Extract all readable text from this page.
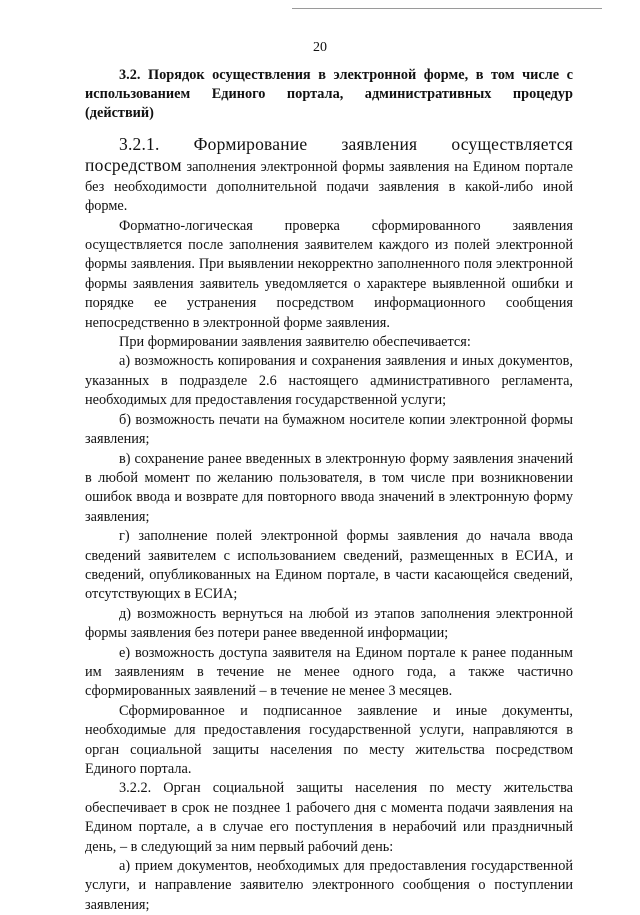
20

3.2. Порядок осуществления в электронной форме, в том числе с использованием Единого портала, административных процедур (действий)

3.2.1. Формирование заявления осуществляется посредством заполнения электронной формы заявления на Едином портале без необходимости дополнительной подачи заявления в какой-либо иной форме.

Форматно-логическая проверка сформированного заявления осуществляется после заполнения заявителем каждого из полей электронной формы заявления. При выявлении некорректно заполненного поля электронной формы заявления заявитель уведомляется о характере выявленной ошибки и порядке ее устранения посредством информационного сообщения непосредственно в электронной форме заявления.

При формировании заявления заявителю обеспечивается:

а) возможность копирования и сохранения заявления и иных документов, указанных в подразделе 2.6 настоящего административного регламента, необходимых для предоставления государственной услуги;

б) возможность печати на бумажном носителе копии электронной формы заявления;

в) сохранение ранее введенных в электронную форму заявления значений в любой момент по желанию пользователя, в том числе при возникновении ошибок ввода и возврате для повторного ввода значений в электронную форму заявления;

г) заполнение полей электронной формы заявления до начала ввода сведений заявителем с использованием сведений, размещенных в ЕСИА, и сведений, опубликованных на Едином портале, в части касающейся сведений, отсутствующих в ЕСИА;

д) возможность вернуться на любой из этапов заполнения электронной формы заявления без потери ранее введенной информации;

е) возможность доступа заявителя на Едином портале к ранее поданным им заявлениям в течение не менее одного года, а также частично сформированных заявлений – в течение не менее 3 месяцев.

Сформированное и подписанное заявление и иные документы, необходимые для предоставления государственной услуги, направляются в орган социальной защиты населения по месту жительства посредством Единого портала.

3.2.2. Орган социальной защиты населения по месту жительства обеспечивает в срок не позднее 1 рабочего дня с момента подачи заявления на Едином портале, а в случае его поступления в нерабочий или праздничный день, – в следующий за ним первый рабочий день:

а) прием документов, необходимых для предоставления государственной услуги, и направление заявителю электронного сообщения о поступлении заявления;
